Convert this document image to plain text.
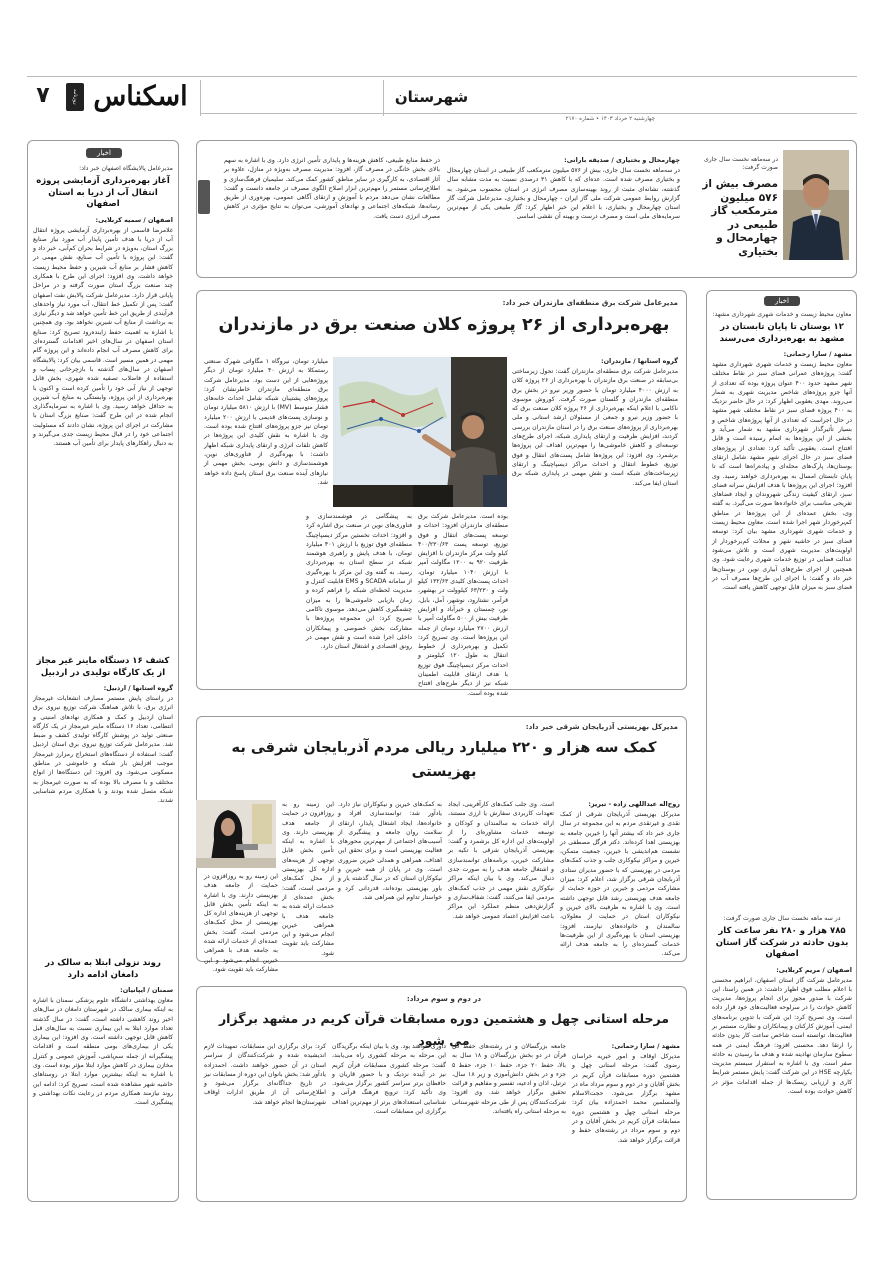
۷ اسکناس
روزنامه اقتصادی	شهرستان
چهارشنبه ۲ خرداد ۱۴۰۳ • شماره ۲۱۷۰
در سه‌ماهه نخست سال جاری صورت گرفت:
مصرف بیش از ۵۷۶ میلیون مترمکعب گاز طبیعی در چهارمحال و بختیاری
چهارمحال و بختیاری / صدیقه بارانی:
در سه‌ماهه نخست سال جاری، بیش از ۵۷۶ میلیون مترمکعب گاز طبیعی در استان چهارمحال و بختیاری مصرف شده است. عده‌ای که با کاهش ۳۱ درصدی نسبت به مدت مشابه سال گذشته، نشانه‌ای مثبت از روند بهینه‌سازی مصرف انرژی در استان محسوب می‌شود. به گزارش روابط عمومی شرکت ملی گاز ایران - چهارمحال و بختیاری، مدیرعامل شرکت گاز استان چهارمحال و بختیاری، با اعلام این خبر اظهار کرد: گاز طبیعی یکی از مهم‌ترین سرمایه‌های ملی است و مصرف درست و بهینه آن نقشی اساسی
در حفظ منابع طبیعی، کاهش هزینه‌ها و پایداری تأمین انرژی دارد. وی با اشاره به سهم بالای بخش خانگی در مصرف گاز، افزود: مدیریت مصرف به‌ویژه در منازل، علاوه بر آثار اقتصادی، به کارگیری در سایر مناطق کشور کمک می‌کند. سلیمیان فرهنگ‌سازی و اطلاع‌رسانی مستمر را مهم‌ترین ابزار اصلاح الگوی مصرف در جامعه دانست و گفت: مطالعات نشان می‌دهد مردم با آموزش و ارتقای آگاهی عمومی، بهره‌وری از طریق رسانه‌ها، شبکه‌های اجتماعی و نهادهای آموزشی، می‌توان به نتایج مؤثری در کاهش مصرف انرژی دست یافت.
مدیرعامل شرکت برق منطقه‌ای مازندران خبر داد:
بهره‌برداری از ۲۶ پروژه کلان صنعت برق در مازندران
گروه استانها / مازندران:
مدیرعامل شرکت برق منطقه‌ای مازندران گفت: تحول زیرساختی بی‌سابقه در صنعت برق مازندران با بهره‌برداری از ۲۶ پروژه کلان به ارزش ۴۰۰۰ میلیارد تومان با حضور وزیر نیرو در بخش برق منطقه‌ای مازندران و گلستان صورت گرفت. کوروش موسوی ناکامی با اعلام اینکه بهره‌برداری از ۲۶ پروژه کلان صنعت برق که با حضور وزیر نیرو و جمعی از مسئولان ارشد استانی و ملی بهره‌برداری از پروژه‌های صنعت برق را در استان مازندران بررسی کردند، افزایش ظرفیت و ارتقای پایداری شبکه، اجرای طرح‌های توسعه‌ای و کاهش خاموشی‌ها را مهم‌ترین اهداف این پروژه‌ها برشمرد. وی افزود: این پروژه‌ها شامل پست‌های انتقال و فوق توزیع، خطوط انتقال و احداث مراکز دیسپاچینگ و ارتقای زیرساخت‌های شبکه است و نقش مهمی در پایداری شبکه برق استان ایفا می‌کند.
بوده است. مدیرعامل شرکت برق منطقه‌ای مازندران افزود: احداث و توسعه پست‌های انتقال و فوق توزیع، توسعه پست ۴۰۰/۲۳۰/۶۳ کیلو ولت مرکز مازندران با افزایش ظرفیت ۹۲۰ به ۱۲۰۰ مگاولت آمپر با ارزش ۱۰۴۰ میلیارد تومان، احداث پست‌های کلیدی ۱۳۲/۶۳ کیلو ولت و ۶۳/۲۳۰ کیلوولت در بهشهر، قرآمر، نشتارود، نوشهر، آمل، بابل، نور، چمستان و خیرآباد و افزایش ظرفیت بیش از ۵۰۰ مگاولت آمپر با ارزش ۲۷۰۰ میلیارد تومان از جمله این پروژه‌ها است. وی تصریح کرد: تکمیل و بهره‌برداری از خطوط انتقال به طول ۱۲۰ کیلومتر و احداث مرکز دیسپاچینگ فوق توزیع با هدف ارتقای قابلیت اطمینان شبکه نیز از دیگر طرح‌های افتتاح شده بوده است.
به پیشگامی در هوشمندسازی و فناوری‌های نوین در صنعت برق اشاره کرد و افزود: احداث نخستین مرکز دیسپاچینگ منطقه‌ای فوق توزیع با ارزش ۴۰۱ میلیارد تومان، با هدف پایش و راهبری هوشمند شبکه در سطح استان به بهره‌برداری رسید. به گفته وی این مرکز با بهره‌گیری از سامانه SCADA و EMS قابلیت کنترل و مدیریت لحظه‌ای شبکه را فراهم کرده و زمان بازیابی خاموشی‌ها را به میزان چشمگیری کاهش می‌دهد. موسوی ناکامی تصریح کرد: این مجموعه پروژه‌ها با مشارکت بخش خصوصی و پیمانکاران داخلی اجرا شده است و نقش مهمی در رونق اقتصادی و اشتغال استان دارد.
میلیارد تومان، نیروگاه ۱ مگاواتی شهرک صنعتی رستمکلا به ارزش ۴۰ میلیارد تومان از دیگر پروژه‌هایی از این دست بود. مدیرعامل شرکت برق منطقه‌ای مازندران خاطرنشان کرد: پروژه‌های پشتیبان شبکه شامل احداث خانه‌های فشار متوسط (MV) با ارزش ۵۸۱۰ میلیارد تومان و نوسازی پست‌های قدیمی با ارزش ۲۰۰ میلیارد تومان نیز جزو پروژه‌های افتتاح شده بوده است. وی با اشاره به نقش کلیدی این پروژه‌ها در کاهش تلفات انرژی و ارتقای پایداری شبکه اظهار داشت: با بهره‌گیری از فناوری‌های نوین، هوشمندسازی و دانش بومی، بخش مهمی از نیازهای آینده صنعت برق استان پاسخ داده خواهد شد.
مدیرکل بهزیستی آذربایجان شرقی خبر داد:
کمک سه هزار و ۲۲۰ میلیارد ریالی مردم آذربایجان شرقی به بهزیستی
روح‌اله عبداللهی زاده - تبریز:
مدیرکل بهزیستی آذربایجان شرقی از کمک نقدی و غیرنقدی مردم به این مجموعه در سال جاری خبر داد که بیشتر آنها را خیرین جامعه به بهزیستی اهدا کرده‌اند. دکتر فرگل مصطفی در نشست هم‌اندیشی با خیرین، جمعیت متمکن، خیرین و مراکز نیکوکاری جلب و جذب کمک‌های مردمی در بهزیستی که با حضور مدیران ستادی آذربایجان شرقی برگزار شد، اعلام کرد: میزان مشارکت مردمی و خیرین در حوزه حمایت از جامعه هدف بهزیستی رشد قابل توجهی داشته است. وی با اشاره به ظرفیت بالای خیرین و نیکوکاران استان در حمایت از معلولان، سالمندان و خانواده‌های نیازمند، افزود: بهزیستی استان با بهره‌گیری از این ظرفیت‌ها خدمات گسترده‌ای را به جامعه هدف ارائه می‌کند.
است. وی جلب کمک‌های کارآفرینی، ایجاد تعهدات کاربردی سفارش یا ارزی مستند، ارائه خدمات به سالمندان و کودکان و توسعه خدمات مشاوره‌ای را از اولویت‌های این اداره کل برشمرد و گفت: بهزیستی آذربایجان شرقی با تکیه بر مشارکت خیرین، برنامه‌های توانمندسازی و اشتغال جامعه هدف را به صورت جدی دنبال می‌کند. وی با بیان اینکه مراکز نیکوکاری نقش مهمی در جذب کمک‌های مردمی ایفا می‌کنند، گفت: شفاف‌سازی و گزارش‌دهی منظم عملکرد این مراکز باعث افزایش اعتماد عمومی خواهد شد.
به کمک‌های خیرین و نیکوکاران نیاز دارد. یادآور شد: توانمندسازی افراد و خانواده‌ها، ایجاد اشتغال پایدار، ارتقای سلامت روان جامعه و پیشگیری از آسیب‌های اجتماعی از مهم‌ترین محورهای فعالیت بهزیستی است و برای تحقق این اهداف، همراهی و همدلی خیرین ضروری است. وی در پایان از همه خیرین و نیکوکاران استان که در سال گذشته یار و یاور بهزیستی بوده‌اند، قدردانی کرد و خواستار تداوم این همراهی شد.
این زمینه رو به روزافزون در حمایت از جامعه هدف بهزیستی دارند. وی با اشاره به اینکه تأمین بخش قابل توجهی از هزینه‌های اداره کل بهزیستی از محل کمک‌های مردمی است، گفت: بخش عمده‌ای از خدمات ارائه شده به جامعه هدف با همراهی خیرین انجام می‌شود و این مشارکت باید تقویت شود.
این زمینه رو به روزافزون در حمایت از جامعه هدف بهزیستی دارند. وی با اشاره به اینکه تأمین بخش قابل توجهی از هزینه‌های اداره کل بهزیستی از محل کمک‌های مردمی است، گفت: بخش عمده‌ای از خدمات ارائه شده به جامعه هدف با همراهی خیرین انجام می‌شود و این مشارکت باید تقویت شود.
در دوم و سوم مرداد:
مرحله استانی چهل و هشتمین دوره مسابقات قرآن کریم در مشهد برگزار می شود	مشهد / سارا رحمانی:
مدیرکل اوقاف و امور خیریه خراسان رضوی گفت: مرحله استانی چهل و هشتمین دوره مسابقات قرآن کریم در بخش آقایان و در دوم و سوم مرداد ماه در مشهد برگزار می‌شود. حجت‌الاسلام والمسلمین محمد احمدزاده بیان کرد: مرحله استانی چهل و هشتمین دوره مسابقات قرآن کریم در بخش آقایان و در دوم و سوم مرداد در رشته‌های حفظ و قرائت برگزار خواهد شد.
جامعه بزرگسالان و در رشته‌های حفظ کل قرآن در دو بخش بزرگسالان و ۱۸ سال به بالا، حفظ ۲۰ جزء، حفظ ۱۰ جزء، حفظ ۵ جزء و در بخش دانش‌آموزی و زیر ۱۸ سال، ترتیل، اذان و ادعیه، تفسیر و مفاهیم و قرائت تحقیق برگزار خواهد شد. وی افزود: شرکت‌کنندگان پس از طی مرحله شهرستانی به مرحله استانی راه یافته‌اند.
داوری خواهند بود. وی با بیان اینکه برگزیدگان این مرحله به مرحله کشوری راه می‌یابند، گفت: مرحله کشوری مسابقات قرآن کریم نیز در آینده نزدیک و با حضور قاریان و حافظان برتر سراسر کشور برگزار می‌شود. وی تأکید کرد: ترویج فرهنگ قرآنی و شناسایی استعدادهای برتر از مهم‌ترین اهداف برگزاری این مسابقات است.
کرد: برای برگزاری این مسابقات، تمهیدات لازم اندیشیده شده و شرکت‌کنندگان از سراسر استان در آن حضور خواهند داشت. احمدزاده یادآور شد: بخش بانوان این دوره از مسابقات نیز در تاریخ جداگانه‌ای برگزار می‌شود و اطلاع‌رسانی آن از طریق ادارات اوقاف شهرستان‌ها انجام خواهد شد.
اخبار
معاون محیط زیست و خدمات شهری شهرداری مشهد:
۱۲ بوستان تا پایان تابستان در مشهد به بهره‌برداری می‌رسند
مشهد / سارا رحمانی:
معاون محیط زیست و خدمات شهری شهرداری مشهد گفت: پروژه‌های عمرانی فضای سبز در نقاط مختلف شهر مشهد حدود ۴۰۰ عنوان پروژه بوده که تعدادی از آنها جزو پروژه‌های شاخص مدیریت شهری به شمار می‌روند. مهدی یعقوبی اظهار کرد: در حال حاضر نزدیک به ۴۰۰ پروژه فضای سبز در نقاط مختلف شهر مشهد در حال اجراست که تعدادی از آنها پروژه‌های شاخص و بسیار تأثیرگذار شهرداری مشهد به شمار می‌آید و بخشی از این پروژه‌ها به اتمام رسیده است و قابل افتتاح است. یعقوبی تأکید کرد: تعدادی از پروژه‌های فضای سبز در حال اجرای شهر مشهد شامل ارتقای بوستان‌ها، پارک‌های محله‌ای و پیاده‌راه‌ها است که تا پایان تابستان امسال به بهره‌برداری خواهند رسید. وی افزود: اجرای این پروژه‌ها با هدف افزایش سرانه فضای سبز، ارتقای کیفیت زندگی شهروندان و ایجاد فضاهای تفریحی مناسب برای خانواده‌ها صورت می‌گیرد. به گفته وی، بخش عمده‌ای از این پروژه‌ها در مناطق کم‌برخوردار شهر اجرا شده است. معاون محیط زیست و خدمات شهری شهرداری مشهد بیان کرد: توسعه فضای سبز در حاشیه شهر و محلات کم‌برخوردار از اولویت‌های مدیریت شهری است و تلاش می‌شود عدالت فضایی در توزیع خدمات شهری رعایت شود. وی همچنین از اجرای طرح‌های آبیاری نوین در بوستان‌ها خبر داد و گفت: با اجرای این طرح‌ها مصرف آب در فضای سبز به میزان قابل توجهی کاهش یافته است.
در سه ماهه نخست سال جاری صورت گرفت:
۷۸۵ هزار و ۲۸۰ نفر ساعت کار بدون حادثه در شرکت گاز استان اصفهان
اصفهان / مریم کربلایی:
مدیرعامل شرکت گاز استان اصفهان، ابراهیم محسنی با اعلام مطلب فوق اظهار داشت: در همین راستا، این شرکت با صدور مجوز برای انجام پروژه‌ها، مدیریت کاهش حوادث را در سرلوحه فعالیت‌های خود قرار داده است. وی تصریح کرد: این شرکت با تدوین برنامه‌های ایمنی، آموزش کارکنان و پیمانکاران و نظارت مستمر بر فعالیت‌ها، توانسته است شاخص ساعت کار بدون حادثه را ارتقا دهد. محسنی افزود: فرهنگ ایمنی در همه سطوح سازمان نهادینه شده و هدف ما رسیدن به حادثه صفر است. وی با اشاره به استقرار سیستم مدیریت یکپارچه HSE در این شرکت گفت: پایش مستمر شرایط کاری و ارزیابی ریسک‌ها از جمله اقدامات مؤثر در کاهش حوادث بوده است.
اخبار
مدیرعامل پالایشگاه اصفهان خبر داد:
آغاز بهره‌برداری آزمایشی پروژه انتقال آب از دریا به استان اصفهان
اصفهان / سمیه کربلایی:
غلامرضا قاسمی از بهره‌برداری آزمایشی پروژه انتقال آب از دریا با هدف تأمین پایدار آب مورد نیاز صنایع بزرگ استان، به‌ویژه در شرایط بحران کم‌آبی، خبر داد و گفت: این پروژه با تأمین آب صنایع، نقش مهمی در کاهش فشار بر منابع آب شیرین و حفظ محیط زیست خواهد داشت. وی افزود: اجرای این طرح با همکاری چند صنعت بزرگ استان صورت گرفته و در مراحل پایانی قرار دارد. مدیرعامل شرکت پالایش نفت اصفهان گفت: پس از تکمیل خط انتقال، آب مورد نیاز واحدهای فرآیندی از طریق این خط تأمین خواهد شد و دیگر نیازی به برداشت از منابع آب شیرین نخواهد بود. وی همچنین با اشاره به اهمیت حفظ زاینده‌رود تصریح کرد: صنایع استان اصفهان در سال‌های اخیر اقدامات گسترده‌ای برای کاهش مصرف آب انجام داده‌اند و این پروژه گام مهمی در همین مسیر است. قاسمی بیان کرد: پالایشگاه اصفهان در سال‌های گذشته با بازچرخانی پساب و استفاده از فاضلاب تصفیه شده شهری، بخش قابل توجهی از نیاز آبی خود را تأمین کرده است و اکنون با بهره‌برداری از این پروژه، وابستگی به منابع آب شیرین به حداقل خواهد رسید. وی با اشاره به سرمایه‌گذاری انجام شده در این طرح گفت: صنایع بزرگ استان با مشارکت در اجرای این پروژه، نشان دادند که مسئولیت اجتماعی خود را در قبال محیط زیست جدی می‌گیرند و به دنبال راهکارهای پایدار برای تأمین آب هستند.
کشف ۱۶ دستگاه ماینر غیر مجاز از یک کارگاه تولیدی در اردبیل
گروه استانها / اردبیل:
در راستای پایش مستمر مصارف انشعابات غیرمجاز انرژی برق، با تلاش هماهنگ شرکت توزیع نیروی برق استان اردبیل و کمک و همکاری نهادهای امنیتی و انتظامی، تعداد ۱۶ دستگاه ماینر غیرمجاز در یک کارگاه صنعتی تولید در پوشش کارگاه تولیدی کشف و ضبط شد. مدیرعامل شرکت توزیع نیروی برق استان اردبیل گفت: استفاده از دستگاه‌های استخراج رمزارز غیرمجاز موجب افزایش بار شبکه و خاموشی در مناطق مسکونی می‌شود. وی افزود: این دستگاه‌ها از انواع مختلف و با مصرف بالا بوده که به صورت غیرمجاز به شبکه متصل شده بودند و با همکاری مردم شناسایی شدند.
روند نزولی ابتلا به سالک در دامغان ادامه دارد
سمنان / ایپانیان:
معاون بهداشتی دانشگاه علوم پزشکی سمنان با اشاره به اینکه بیماری سالک در شهرستان دامغان در سال‌های اخیر روند کاهشی داشته است، گفت: در سال گذشته تعداد موارد ابتلا به این بیماری نسبت به سال‌های قبل کاهش قابل توجهی داشته است. وی افزود: این بیماری یکی از بیماری‌های بومی منطقه است و اقدامات پیشگیرانه از جمله سم‌پاشی، آموزش عمومی و کنترل مخازن بیماری در کاهش موارد ابتلا مؤثر بوده است. وی با اشاره به اینکه بیشترین موارد ابتلا در روستاهای حاشیه شهر مشاهده شده است، تصریح کرد: ادامه این روند نیازمند همکاری مردم در رعایت نکات بهداشتی و پیشگیری است.
